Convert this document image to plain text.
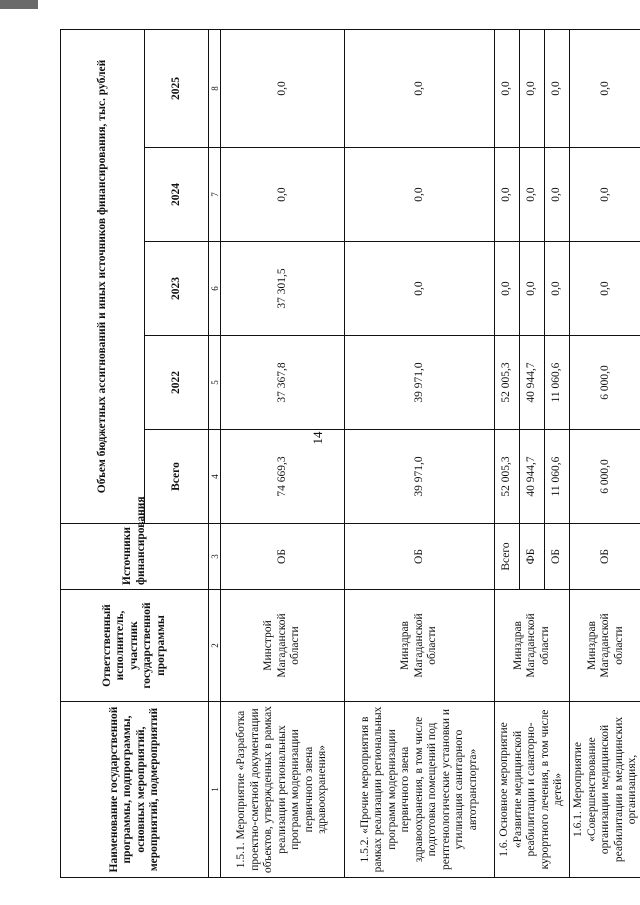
14
Наименование государственной программы, подпрограммы, основных мероприятий, мероприятий, подмероприятий	Ответственный исполнитель, участник государственной программы	Источники финансирования	Объем бюджетных ассигнований и иных источников финансирования, тыс. рублей				
			Всего	2022	2023	2024	2025
1	2	3	4	5	6	7	8
1.5.1. Мероприятие «Разработка проектно-сметной документации объектов, утвержденных в рамках реализации региональных программ модернизации первичного звена здравоохранения»	Минстрой Магаданской области	ОБ	74 669,3	37 367,8	37 301,5	0,0	0,0
1.5.2. «Прочие мероприятия в рамках реализации региональных программ модернизации первичного звена здравоохранения, в том числе подготовка помещений под рентгенологические установки и утилизация санитарного автотранспорта»	Минздрав Магаданской области	ОБ	39 971,0	39 971,0	0,0	0,0	0,0
1.6. Основное мероприятие «Развитие медицинской реабилитации и санаторно-курортного лечения, в том числе детей»	Минздрав Магаданской области	Всего	52 005,3	52 005,3	0,0	0,0	0,0
		ФБ	40 944,7	40 944,7	0,0	0,0	0,0
		ОБ	11 060,6	11 060,6	0,0	0,0	0,0
1.6.1. Мероприятие «Совершенствование организации медицинской реабилитации в медицинских организациях,	Минздрав Магаданской области	ОБ	6 000,0	6 000,0	0,0	0,0	0,0
